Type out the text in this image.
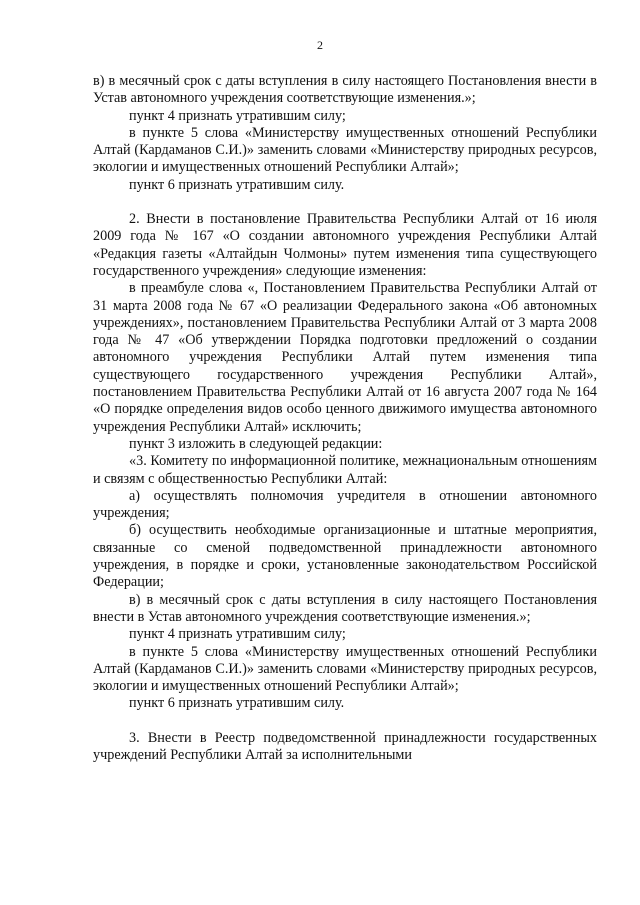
2

в) в месячный срок с даты вступления в силу настоящего Постановления внести в Устав автономного учреждения соответствующие изменения.»;

пункт 4 признать утратившим силу;

в пункте 5 слова «Министерству имущественных отношений Республики Алтай (Кардаманов С.И.)» заменить словами «Министерству природных ресурсов, экологии и имущественных отношений Республики Алтай»;

пункт 6 признать утратившим силу.

2. Внести в постановление Правительства Республики Алтай от 16 июля 2009 года № 167 «О создании автономного учреждения Республики Алтай «Редакция газеты «Алтайдын Чолмоны» путем изменения типа существующего государственного учреждения» следующие изменения:

в преамбуле слова «, Постановлением Правительства Республики Алтай от 31 марта 2008 года № 67 «О реализации Федерального закона «Об автономных учреждениях», постановлением Правительства Республики Алтай от 3 марта 2008 года № 47 «Об утверждении Порядка подготовки предложений о создании автономного учреждения Республики Алтай путем изменения типа существующего государственного учреждения Республики Алтай», постановлением Правительства Республики Алтай от 16 августа 2007 года № 164 «О порядке определения видов особо ценного движимого имущества автономного учреждения Республики Алтай» исключить;

пункт 3 изложить в следующей редакции:

«3. Комитету по информационной политике, межнациональным отношениям и связям с общественностью Республики Алтай:

а) осуществлять полномочия учредителя в отношении автономного учреждения;

б) осуществить необходимые организационные и штатные мероприятия, связанные со сменой подведомственной принадлежности автономного учреждения, в порядке и сроки, установленные законодательством Российской Федерации;

в) в месячный срок с даты вступления в силу настоящего Постановления внести в Устав автономного учреждения соответствующие изменения.»;

пункт 4 признать утратившим силу;

в пункте 5 слова «Министерству имущественных отношений Республики Алтай (Кардаманов С.И.)» заменить словами «Министерству природных ресурсов, экологии и имущественных отношений Республики Алтай»;

пункт 6 признать утратившим силу.

3. Внести в Реестр подведомственной принадлежности государственных учреждений Республики Алтай за исполнительными
